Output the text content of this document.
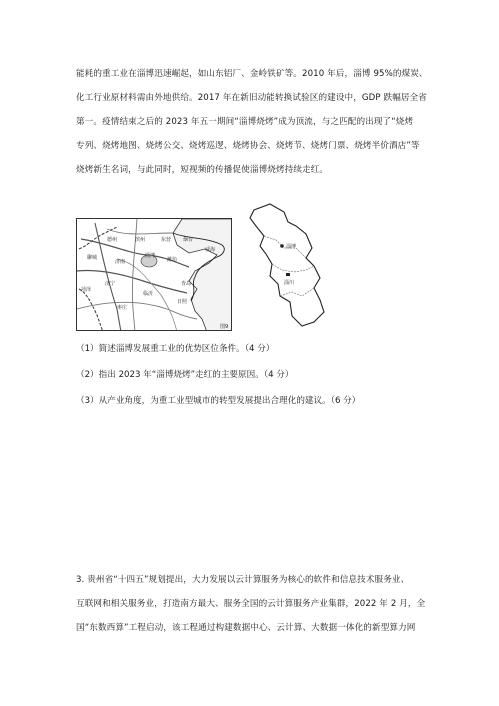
能耗的重工业在淄博迅速崛起，如山东铝厂、金岭铁矿等。2010 年后，淄博 95%的煤炭、
化工行业原材料需由外地供给。2017 年在新旧动能转换试验区的建设中，GDP 跌幅居全省
第一。疫情结束之后的 2023 年五一期间“淄博烧烤”成为顶流，与之匹配的出现了“烧烤
专列、烧烤地图、烧烤公交、烧烤巡逻、烧烤协会、烧烤节、烧烤门票、烧烤半价酒店”等
烧烤新生名词，与此同时，短视频的传播促使淄博烧烤持续走红。
德州	滨州	东营 烟台
威海
聊城
济南
淄博
潍坊
青岛
日照
菏泽
济宁
临沂
枣庄
图9
淄博
淄川
（1）简述淄博发展重工业的优势区位条件。（4 分）
（2）指出 2023 年“淄博烧烤”走红的主要原因。（4 分）
（3）从产业角度，为重工业型城市的转型发展提出合理化的建议。（6 分）
3. 贵州省“十四五”规划提出，大力发展以云计算服务为核心的软件和信息技术服务业、
互联网和相关服务业，打造南方最大、服务全国的云计算服务产业集群，2022 年 2 月，全
国“东数西算”工程启动，该工程通过构建数据中心、云计算、大数据一体化的新型算力网
